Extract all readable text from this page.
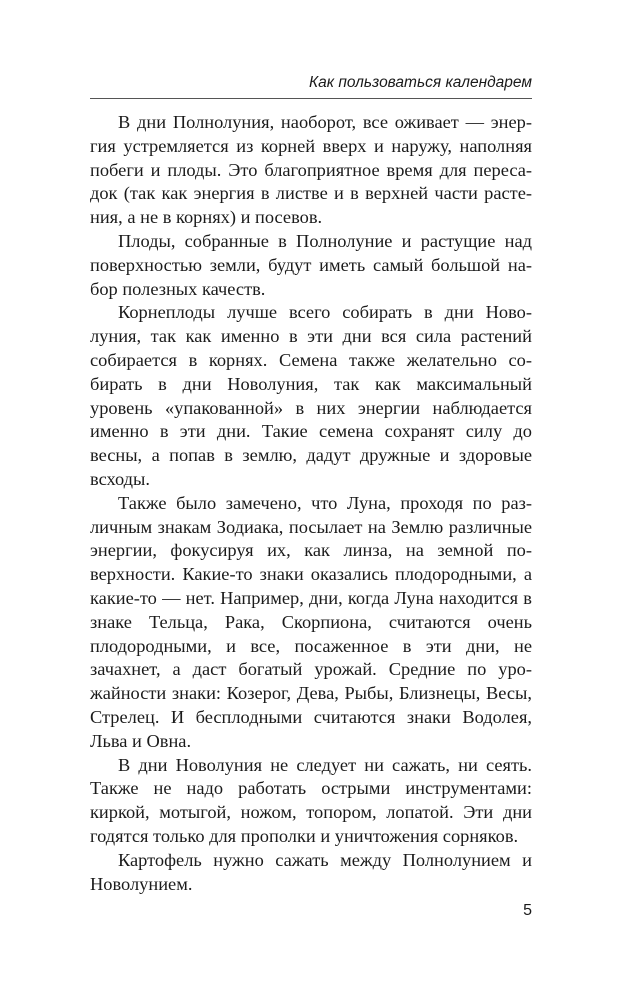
Как пользоваться календарем

В дни Полнолуния, наоборот, все оживает — энергия устремляется из корней вверх и наружу, наполняя побеги и плоды. Это благоприятное время для пересадок (так как энергия в листве и в верхней части растения, а не в корнях) и посевов.

Плоды, собранные в Полнолуние и растущие над поверхностью земли, будут иметь самый большой набор полезных качеств.

Корнеплоды лучше всего собирать в дни Новолуния, так как именно в эти дни вся сила растений собирается в корнях. Семена также желательно собирать в дни Новолуния, так как максимальный уровень «упакованной» в них энергии наблюдается именно в эти дни. Такие семена сохранят силу до весны, а попав в землю, дадут дружные и здоровые всходы.

Также было замечено, что Луна, проходя по различным знакам Зодиака, посылает на Землю различные энергии, фокусируя их, как линза, на земной поверхности. Какие-то знаки оказались плодородными, а какие-то — нет. Например, дни, когда Луна находится в знаке Тельца, Рака, Скорпиона, считаются очень плодородными, и все, посаженное в эти дни, не зачахнет, а даст богатый урожай. Средние по урожайности знаки: Козерог, Дева, Рыбы, Близнецы, Весы, Стрелец. И бесплодными считаются знаки Водолея, Льва и Овна.

В дни Новолуния не следует ни сажать, ни сеять. Также не надо работать острыми инструментами: киркой, мотыгой, ножом, топором, лопатой. Эти дни годятся только для прополки и уничтожения сорняков.

Картофель нужно сажать между Полнолунием и Новолунием.

5
